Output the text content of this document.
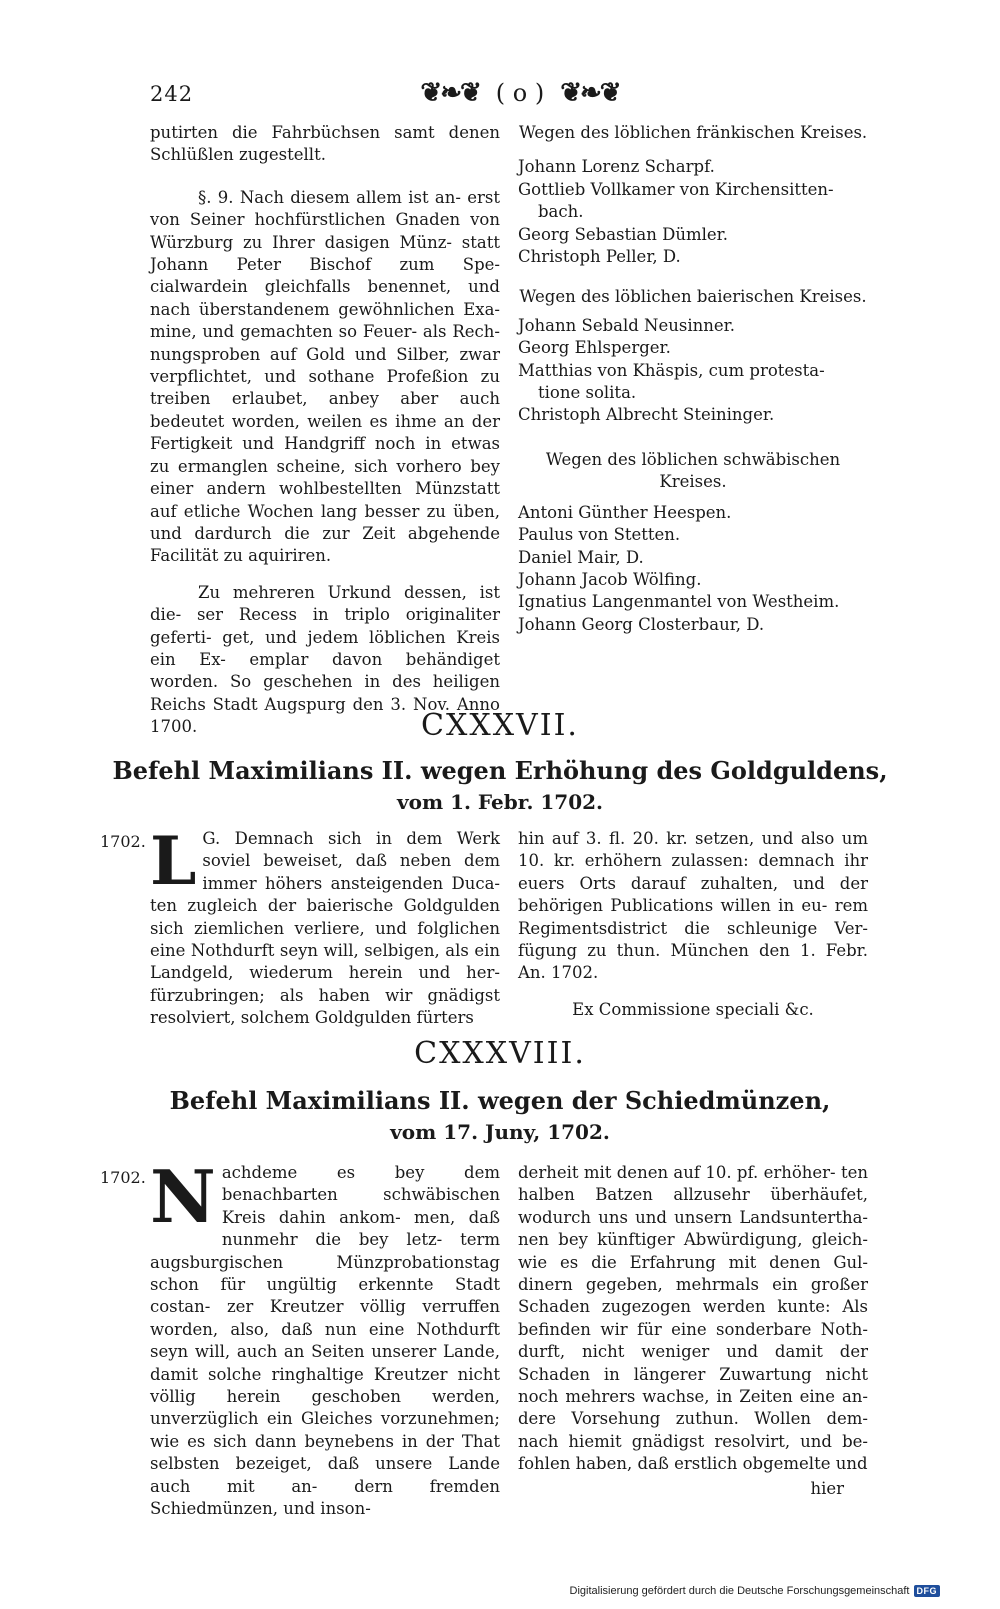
242	❦❧❦ ( o ) ❦❧❦

putirten die Fahrbüchsen samt denen Schlüßlen zugestellt.

§. 9. Nach diesem allem ist an- erst von Seiner hochfürstlichen Gnaden von Würzburg zu Ihrer dasigen Münz- statt Johann Peter Bischof zum Spe- cialwardein gleichfalls benennet, und nach überstandenem gewöhnlichen Exa- mine, und gemachten so Feuer- als Rech- nungsproben auf Gold und Silber, zwar verpflichtet, und sothane Profeßion zu treiben erlaubet, anbey aber auch bedeutet worden, weilen es ihme an der Fertigkeit und Handgriff noch in etwas zu ermanglen scheine, sich vorhero bey einer andern wohlbestellten Münzstatt auf etliche Wochen lang besser zu üben, und dardurch die zur Zeit abgehende Facilität zu aquiriren.

Zu mehreren Urkund dessen, ist die- ser Recess in triplo originaliter geferti- get, und jedem löblichen Kreis ein Ex- emplar davon behändiget worden. So geschehen in des heiligen Reichs Stadt Augspurg den 3. Nov. Anno 1700.

Wegen des löblichen fränkischen Kreises.

Johann Lorenz Scharpf.

Gottlieb Vollkamer von Kirchensitten-

bach.

Georg Sebastian Dümler.

Christoph Peller, D.

Wegen des löblichen baierischen Kreises.

Johann Sebald Neusinner.

Georg Ehlsperger.

Matthias von Khäspis, cum protesta-

tione solita.

Christoph Albrecht Steininger.

Wegen des löblichen schwäbischen Kreises.

Antoni Günther Heespen.

Paulus von Stetten.

Daniel Mair, D.

Johann Jacob Wölfing.

Ignatius Langenmantel von Westheim.

Johann Georg Closterbaur, D.

CXXXVII.
Befehl Maximilians II. wegen Erhöhung des Goldguldens,
vom 1. Febr. 1702.
1702. L G. Demnach sich in dem Werk soviel beweiset, daß neben dem immer höhers ansteigenden Duca- ten zugleich der baierische Goldgulden sich ziemlichen verliere, und folglichen eine Nothdurft seyn will, selbigen, als ein Landgeld, wiederum herein und her- fürzubringen; als haben wir gnädigst resolviert, solchem Goldgulden fürters

hin auf 3. fl. 20. kr. setzen, und also um 10. kr. erhöhern zulassen: demnach ihr euers Orts darauf zuhalten, und der behörigen Publications willen in eu- rem Regimentsdistrict die schleunige Ver- fügung zu thun. München den 1. Febr. An. 1702.

Ex Commissione speciali &c.

CXXXVIII.
Befehl Maximilians II. wegen der Schiedmünzen,
vom 17. Juny, 1702.
1702. N achdeme es bey dem benachbarten schwäbischen Kreis dahin ankom- men, daß nunmehr die bey letz- term augsburgischen Münzprobationstag schon für ungültig erkennte Stadt costan- zer Kreutzer völlig verruffen worden, also, daß nun eine Nothdurft seyn will, auch an Seiten unserer Lande, damit solche ringhaltige Kreutzer nicht völlig herein geschoben werden, unverzüglich ein Gleiches vorzunehmen; wie es sich dann beynebens in der That selbsten bezeiget, daß unsere Lande auch mit an- dern fremden Schiedmünzen, und inson-

derheit mit denen auf 10. pf. erhöher- ten halben Batzen allzusehr überhäufet, wodurch uns und unsern Landsuntertha- nen bey künftiger Abwürdigung, gleich- wie es die Erfahrung mit denen Gul- dinern gegeben, mehrmals ein großer Schaden zugezogen werden kunte: Als befinden wir für eine sonderbare Noth- durft, nicht weniger und damit der Schaden in längerer Zuwartung nicht noch mehrers wachse, in Zeiten eine an- dere Vorsehung zuthun. Wollen dem- nach hiemit gnädigst resolvirt, und be- fohlen haben, daß erstlich obgemelte und

hier

Digitalisierung gefördert durch die Deutsche Forschungsgemeinschaft DFG
